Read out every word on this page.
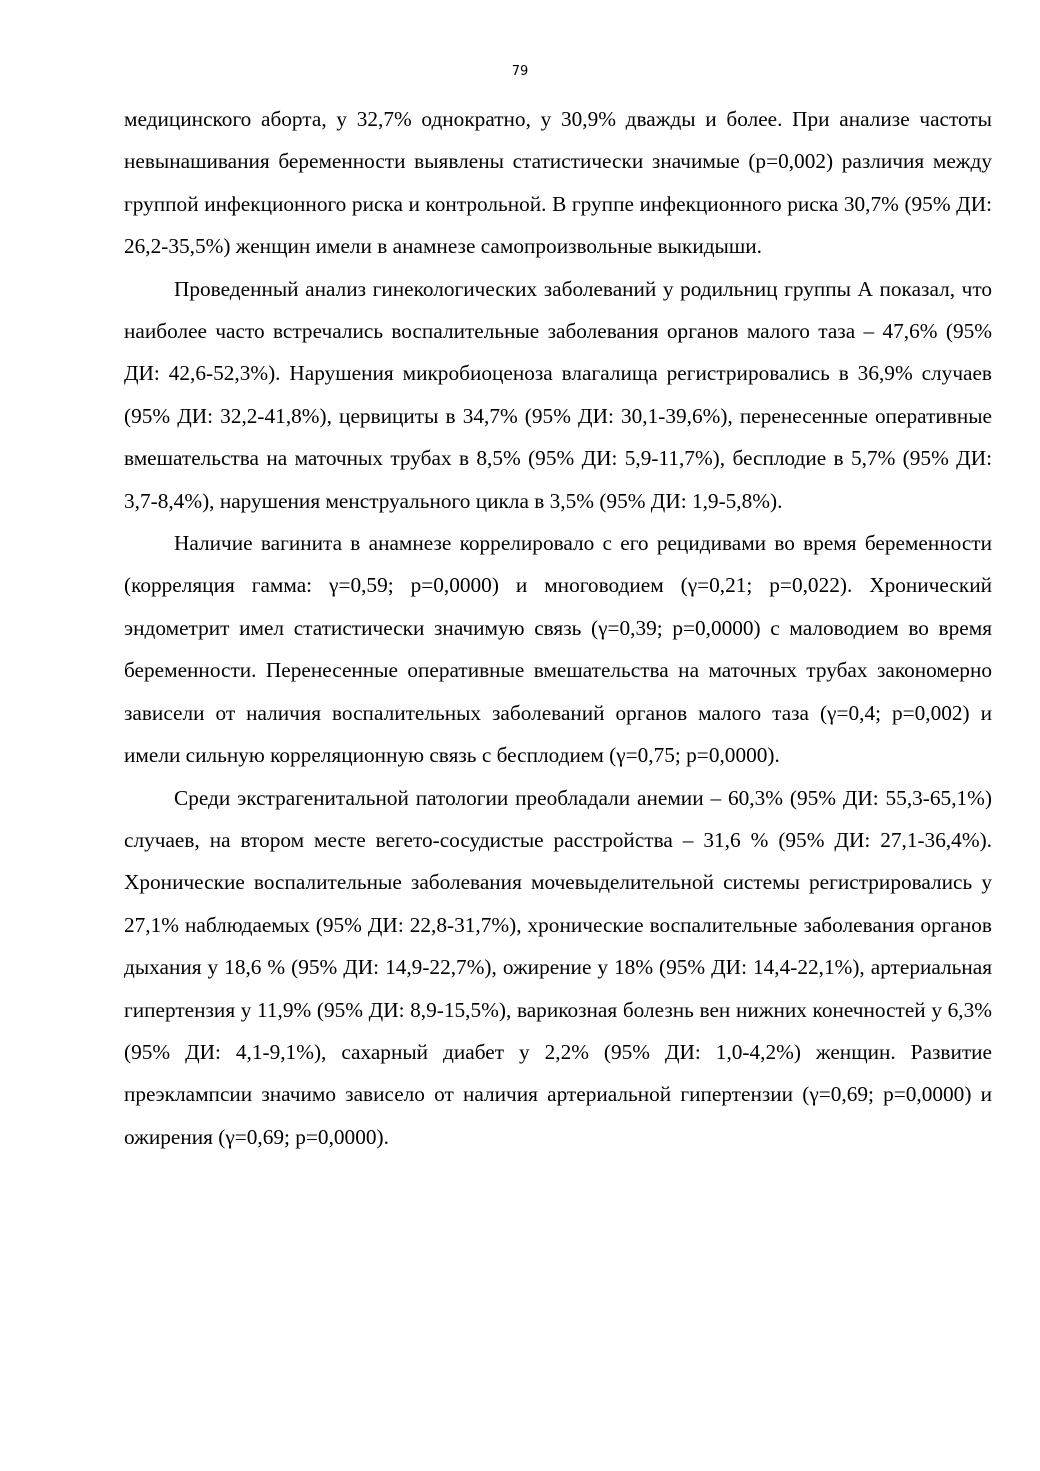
79

медицинского аборта, у 32,7% однократно, у 30,9% дважды и более. При анализе частоты невынашивания беременности выявлены статистически значимые (р=0,002) различия между группой инфекционного риска и контрольной. В группе инфекционного риска 30,7% (95% ДИ: 26,2-35,5%) женщин имели в анамнезе самопроизвольные выкидыши.

Проведенный анализ гинекологических заболеваний у родильниц группы А показал, что наиболее часто встречались воспалительные заболевания органов малого таза – 47,6% (95% ДИ: 42,6-52,3%). Нарушения микробиоценоза влагалища регистрировались в 36,9% случаев (95% ДИ: 32,2-41,8%), цервициты в 34,7% (95% ДИ: 30,1-39,6%), перенесенные оперативные вмешательства на маточных трубах в 8,5% (95% ДИ: 5,9-11,7%), бесплодие в 5,7% (95% ДИ: 3,7-8,4%), нарушения менструального цикла в 3,5% (95% ДИ: 1,9-5,8%).

Наличие вагинита в анамнезе коррелировало с его рецидивами во время беременности (корреляция гамма: γ=0,59; р=0,0000) и многоводием (γ=0,21; р=0,022). Хронический эндометрит имел статистически значимую связь (γ=0,39; р=0,0000) с маловодием во время беременности. Перенесенные оперативные вмешательства на маточных трубах закономерно зависели от наличия воспалительных заболеваний органов малого таза (γ=0,4; р=0,002) и имели сильную корреляционную связь с бесплодием (γ=0,75; р=0,0000).

Среди экстрагенитальной патологии преобладали анемии – 60,3% (95% ДИ: 55,3-65,1%) случаев, на втором месте вегето-сосудистые расстройства – 31,6 % (95% ДИ: 27,1-36,4%). Хронические воспалительные заболевания мочевыделительной системы регистрировались у 27,1% наблюдаемых (95% ДИ: 22,8-31,7%), хронические воспалительные заболевания органов дыхания у 18,6 % (95% ДИ: 14,9-22,7%), ожирение у 18% (95% ДИ: 14,4-22,1%), артериальная гипертензия у 11,9% (95% ДИ: 8,9-15,5%), варикозная болезнь вен нижних конечностей у 6,3% (95% ДИ: 4,1-9,1%), сахарный диабет у 2,2% (95% ДИ: 1,0-4,2%) женщин. Развитие преэклампсии значимо зависело от наличия артериальной гипертензии (γ=0,69; р=0,0000) и ожирения (γ=0,69; р=0,0000).
